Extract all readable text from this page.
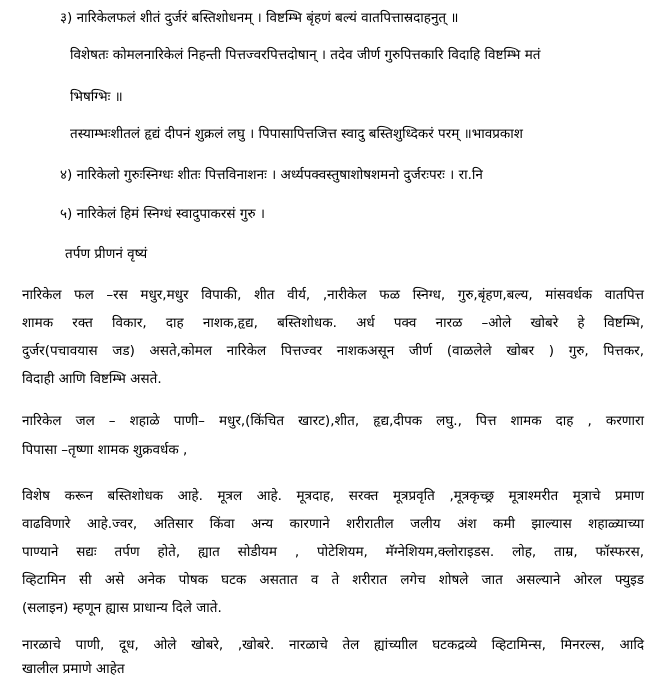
३) नारिकेलफलं शीतं दुर्जरं बस्तिशोधनम् । विष्टम्भि बृंहणं बल्यं वातपित्तास्रदाहनुत् ॥
विशेषतः कोमलनारिकेलं निहन्ती पित्तज्वरपित्तदोषान् । तदेव जीर्ण गुरुपित्तकारि विदाहि विष्टम्भि मतं
भिषग्भिः ॥
तस्याम्भःशीतलं हृद्यं दीपनं शुक्रलं लघु । पिपासापित्तजित्त स्वादु बस्तिशुध्दिकरं परम् ॥भावप्रकाश
४) नारिकेलो गुरुःस्निग्धः शीतः पित्तविनाशनः । अर्ध्यपक्वस्तुषाशोषशमनो दुर्जरःपरः । रा.नि
५) नारिकेलं हिमं स्निग्धं स्वादुपाकरसं गुरु ।
तर्पण प्रीणनं वृष्यं
नारिकेल फल –रस मधुर,मधुर विपाकी, शीत वीर्य, ,नारीकेल फळ स्निग्ध, गुरु,बृंहण,बल्य, मांसवर्धक वातपित्त
शामक रक्त विकार, दाह नाशक,हृद्य, बस्तिशोधक. अर्ध पक्व नारळ –ओले खोबरे हे विष्टम्भि,
दुर्जर(पचावयास जड) असते,कोमल नारिकेल पित्तज्वर नाशकअसून जीर्ण (वाळलेले खोबर ) गुरु, पित्तकर,
विदाही आणि विष्टम्भि असते.
नारिकेल जल – शहाळे पाणी– मधुर,(किंचित खारट),शीत, हृद्य,दीपक लघु., पित्त शामक दाह , करणारा
पिपासा –तृष्णा शामक शुक्रवर्धक ,
विशेष करून बस्तिशोधक आहे. मूत्रल आहे. मूत्रदाह, सरक्त मूत्रप्रवृति ,मूत्रकृच्छ्र मूत्राश्मरीत मूत्राचे प्रमाण
वाढविणारे आहे.ज्वर, अतिसार किंवा अन्य कारणाने शरीरातील जलीय अंश कमी झाल्यास शहाळ्याच्या
पाण्याने सद्यः तर्पण होते, ह्यात सोडीयम , पोटेशियम, मॅग्नेशियम,क्लोराइडस. लोह, ताम्र, फॉस्फरस,
व्हिटामिन सी असे अनेक पोषक घटक असतात व ते शरीरात लगेच शोषले जात असल्याने ओरल फ्युइड
(सलाइन) म्हणून ह्यास प्राधान्य दिले जाते.
नारळाचे पाणी, दूध, ओले खोबरे, ,खोबरे. नारळाचे तेल ह्यांच्याील घटकद्रव्ये व्हिटामिन्स, मिनरल्स, आदि
खालील प्रमाणे आहेत
